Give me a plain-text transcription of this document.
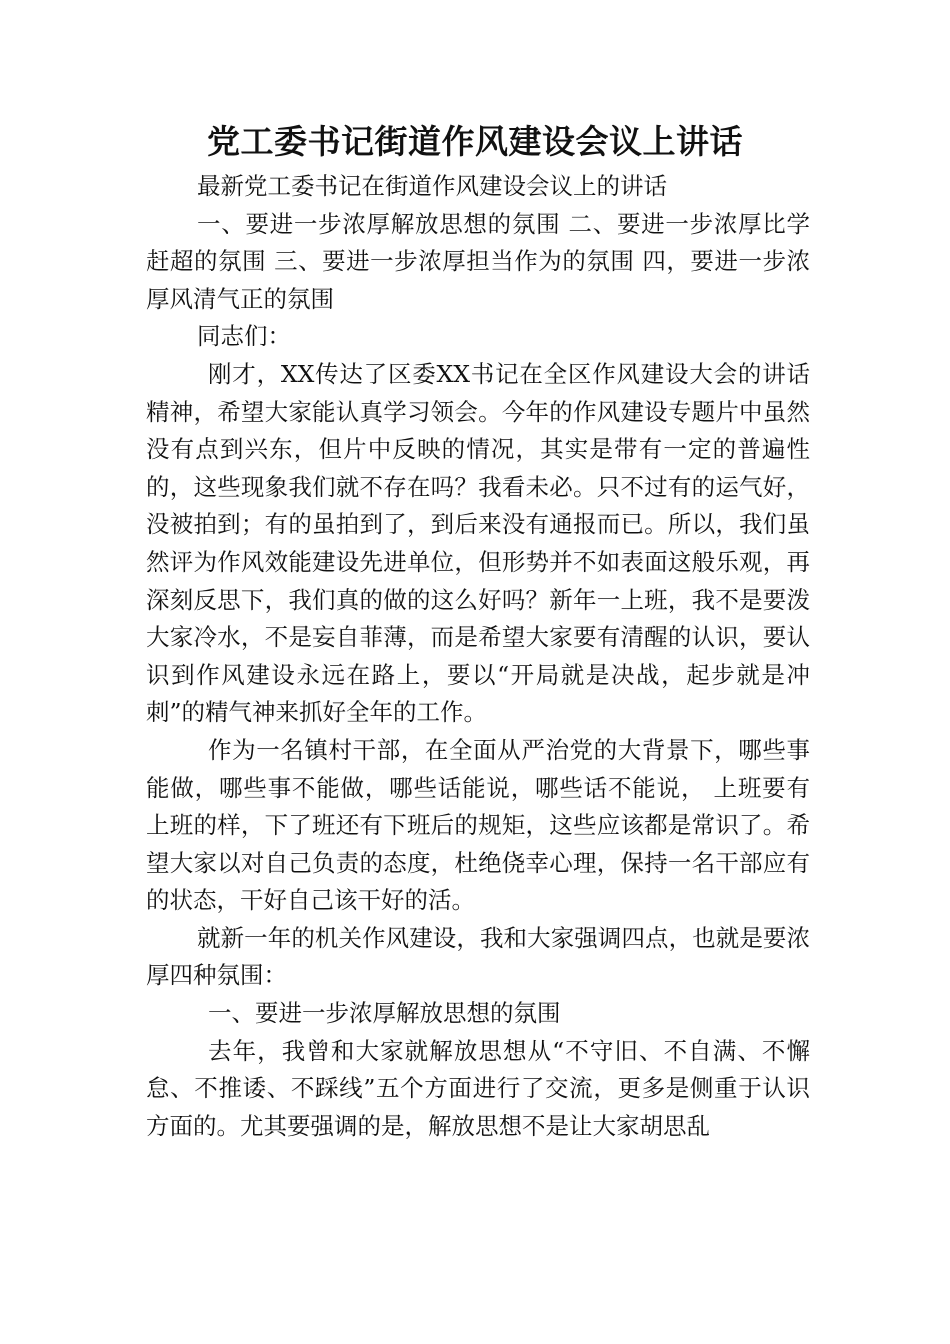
党工委书记街道作风建设会议上讲话

最新党工委书记在街道作风建设会议上的讲话

一、要进一步浓厚解放思想的氛围 二、要进一步浓厚比学赶超的氛围 三、要进一步浓厚担当作为的氛围 四，要进一步浓厚风清气正的氛围

同志们：

刚才，XX传达了区委XX书记在全区作风建设大会的讲话精神，希望大家能认真学习领会。今年的作风建设专题片中虽然没有点到兴东，但片中反映的情况，其实是带有一定的普遍性的，这些现象我们就不存在吗？我看未必。只不过有的运气好，没被拍到；有的虽拍到了，到后来没有通报而已。所以，我们虽然评为作风效能建设先进单位，但形势并不如表面这般乐观，再深刻反思下，我们真的做的这么好吗？新年一上班，我不是要泼大家冷水，不是妄自菲薄，而是希望大家要有清醒的认识，要认识到作风建设永远在路上，要以“开局就是决战，起步就是冲刺”的精气神来抓好全年的工作。

作为一名镇村干部，在全面从严治党的大背景下，哪些事能做，哪些事不能做，哪些话能说，哪些话不能说， 上班要有上班的样，下了班还有下班后的规矩，这些应该都是常识了。希望大家以对自己负责的态度，杜绝侥幸心理，保持一名干部应有的状态，干好自己该干好的活。

就新一年的机关作风建设，我和大家强调四点，也就是要浓厚四种氛围：

一、要进一步浓厚解放思想的氛围

去年，我曾和大家就解放思想从“不守旧、不自满、不懈怠、不推诿、不踩线”五个方面进行了交流，更多是侧重于认识方面的。尤其要强调的是，解放思想不是让大家胡思乱
